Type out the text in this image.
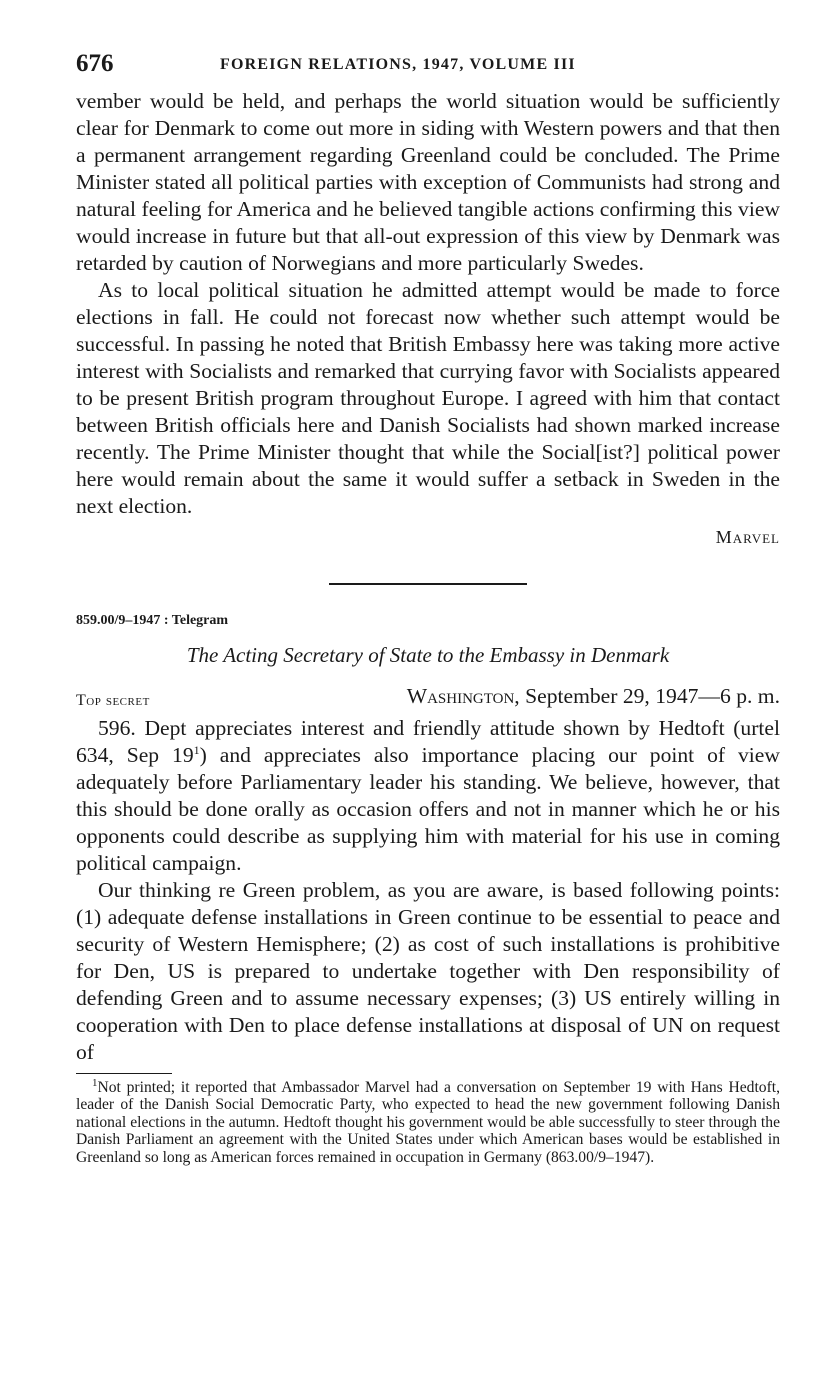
676	FOREIGN RELATIONS, 1947, VOLUME III

vember would be held, and perhaps the world situation would be sufficiently clear for Denmark to come out more in siding with Western powers and that then a permanent arrangement regarding Greenland could be concluded. The Prime Minister stated all political parties with exception of Communists had strong and natural feeling for America and he believed tangible actions confirming this view would increase in future but that all-out expression of this view by Denmark was retarded by caution of Norwegians and more particularly Swedes.

As to local political situation he admitted attempt would be made to force elections in fall. He could not forecast now whether such attempt would be successful. In passing he noted that British Embassy here was taking more active interest with Socialists and remarked that currying favor with Socialists appeared to be present British program throughout Europe. I agreed with him that contact between British officials here and Danish Socialists had shown marked increase recently. The Prime Minister thought that while the Social[ist?] political power here would remain about the same it would suffer a setback in Sweden in the next election.

Marvel
859.00/9–1947 : Telegram
The Acting Secretary of State to the Embassy in Denmark
Top secret	Washington, September 29, 1947—6 p. m.

596. Dept appreciates interest and friendly attitude shown by Hedtoft (urtel 634, Sep 19$^1$) and appreciates also importance placing our point of view adequately before Parliamentary leader his standing. We believe, however, that this should be done orally as occasion offers and not in manner which he or his opponents could describe as supplying him with material for his use in coming political campaign.

Our thinking re Green problem, as you are aware, is based following points: (1) adequate defense installations in Green continue to be essential to peace and security of Western Hemisphere; (2) as cost of such installations is prohibitive for Den, US is prepared to undertake together with Den responsibility of defending Green and to assume necessary expenses; (3) US entirely willing in cooperation with Den to place defense installations at disposal of UN on request of

$^1$Not printed; it reported that Ambassador Marvel had a conversation on September 19 with Hans Hedtoft, leader of the Danish Social Democratic Party, who expected to head the new government following Danish national elections in the autumn. Hedtoft thought his government would be able successfully to steer through the Danish Parliament an agreement with the United States under which American bases would be established in Greenland so long as American forces remained in occupation in Germany (863.00/9–1947).
